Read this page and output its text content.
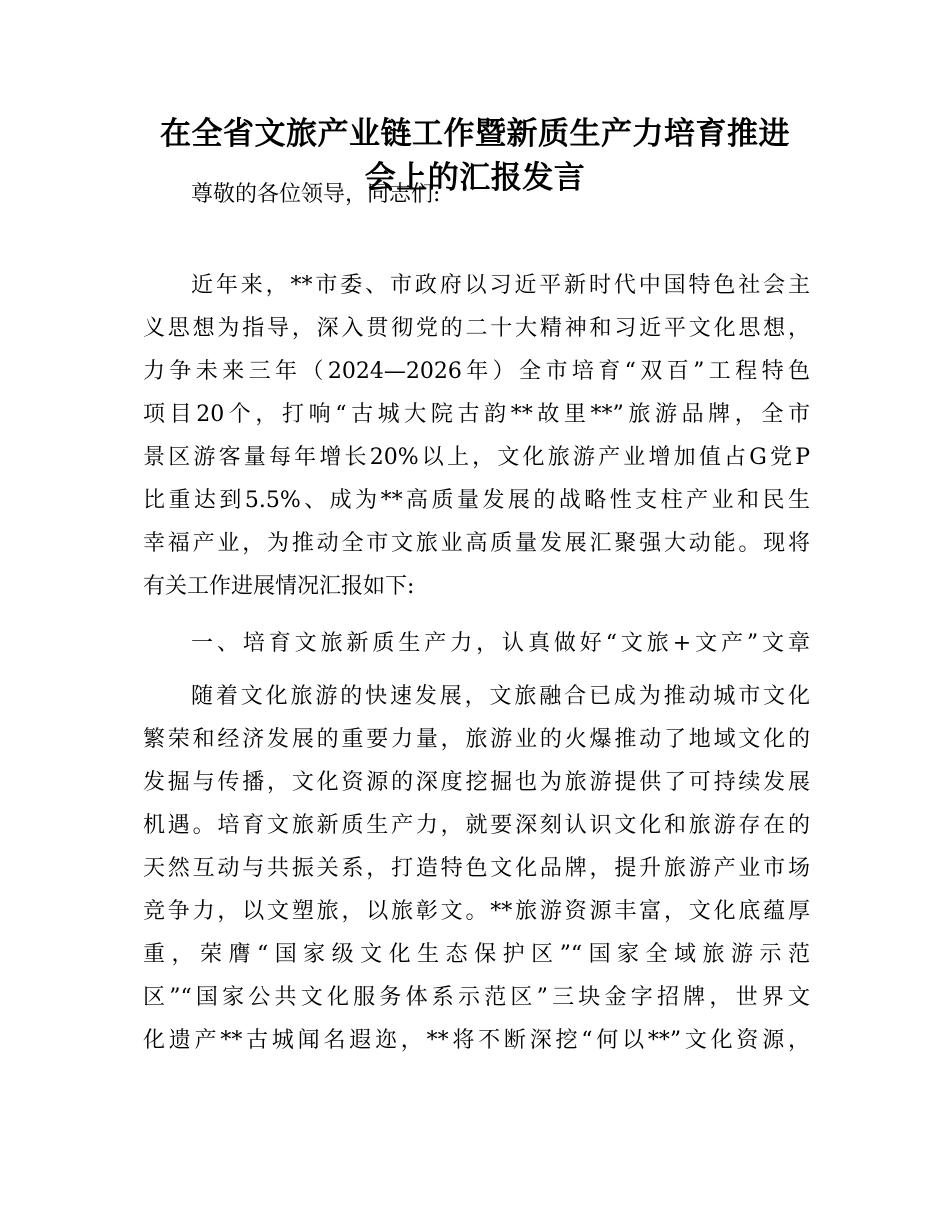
在全省文旅产业链工作暨新质生产力培育推进
会上的汇报发言
尊敬的各位领导，同志们:
近年来，**市委、市政府以习近平新时代中国特色社会主
义思想为指导，深入贯彻党的二十大精神和习近平文化思想，
力争未来三年（2024—2026年）全市培育“双百”工程特色
项目20个，打响“古城大院古韵**故里**”旅游品牌，全市
景区游客量每年增长20%以上，文化旅游产业增加值占G党P
比重达到5.5%、成为**高质量发展的战略性支柱产业和民生
幸福产业，为推动全市文旅业高质量发展汇聚强大动能。现将
有关工作进展情况汇报如下:
一、培育文旅新质生产力，认真做好“文旅+文产”文章
随着文化旅游的快速发展，文旅融合已成为推动城市文化
繁荣和经济发展的重要力量，旅游业的火爆推动了地域文化的
发掘与传播，文化资源的深度挖掘也为旅游提供了可持续发展
机遇。培育文旅新质生产力，就要深刻认识文化和旅游存在的
天然互动与共振关系，打造特色文化品牌，提升旅游产业市场
竞争力，以文塑旅，以旅彰文。**旅游资源丰富，文化底蕴厚
重，荣膺“国家级文化生态保护区”“国家全域旅游示范
区”“国家公共文化服务体系示范区”三块金字招牌，世界文
化遗产**古城闻名遐迩，**将不断深挖“何以**”文化资源，
